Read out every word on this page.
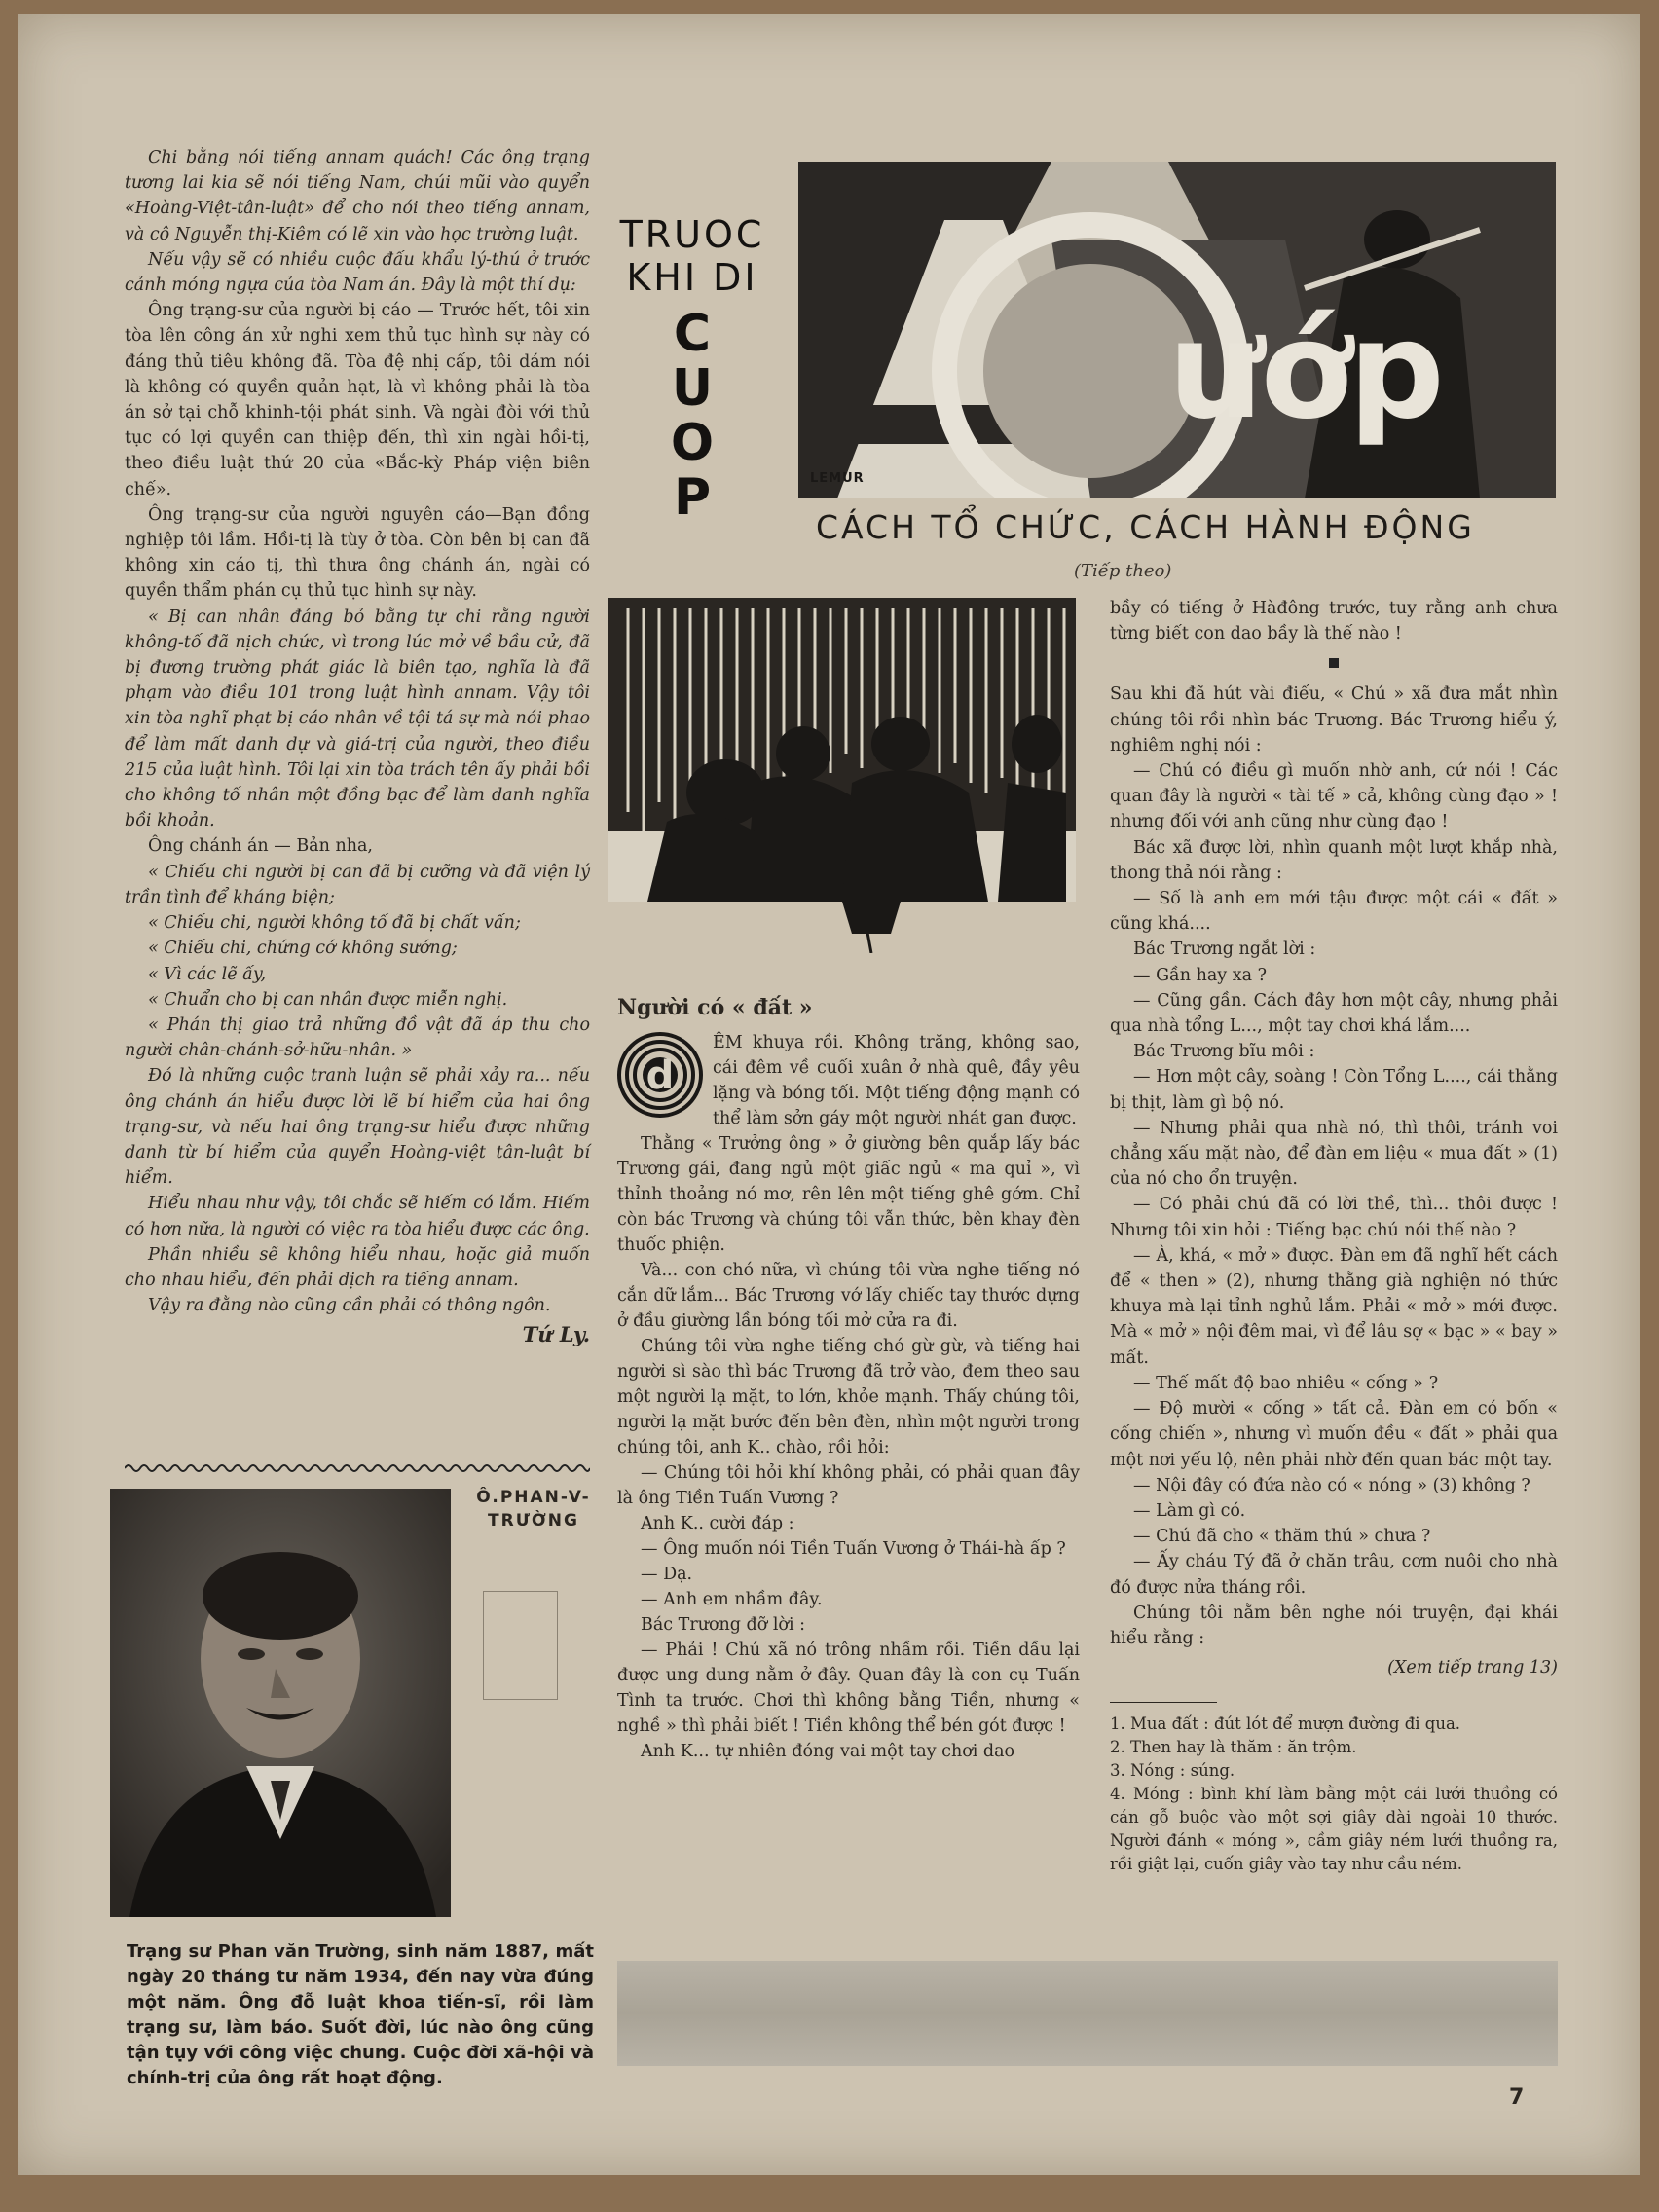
Chi bằng nói tiếng annam quách! Các ông trạng tương lai kia sẽ nói tiếng Nam, chúi mũi vào quyển «Hoàng-Việt-tân-luật» để cho nói theo tiếng annam, và cô Nguyễn thị-Kiêm có lẽ xin vào học trường luật.

Nếu vậy sẽ có nhiều cuộc đấu khẩu lý-thú ở trước cảnh móng ngựa của tòa Nam án. Đây là một thí dụ:

Ông trạng-sư của người bị cáo — Trước hết, tôi xin tòa lên công án xử nghi xem thủ tục hình sự này có đáng thủ tiêu không đã. Tòa đệ nhị cấp, tôi dám nói là không có quyền quản hạt, là vì không phải là tòa án sở tại chỗ khinh-tội phát sinh. Và ngài đòi với thủ tục có lợi quyền can thiệp đến, thì xin ngài hồi-tị, theo điều luật thứ 20 của «Bắc-kỳ Pháp viện biên chế».

Ông trạng-sư của người nguyên cáo—Bạn đồng nghiệp tôi lầm. Hồi-tị là tùy ở tòa. Còn bên bị can đã không xin cáo tị, thì thưa ông chánh án, ngài có quyền thẩm phán cụ thủ tục hình sự này.

« Bị can nhân đáng bỏ bằng tự chi rằng người không-tố đã nịch chức, vì trong lúc mở về bầu cử, đã bị đương trường phát giác là biên tạo, nghĩa là đã phạm vào điều 101 trong luật hình annam. Vậy tôi xin tòa nghĩ phạt bị cáo nhân về tội tá sự mà nói phao để làm mất danh dự và giá-trị của người, theo điều 215 của luật hình. Tôi lại xin tòa trách tên ấy phải bồi cho không tố nhân một đồng bạc để làm danh nghĩa bồi khoản.

Ông chánh án — Bản nha,

« Chiếu chi người bị can đã bị cưỡng và đã viện lý trần tình để kháng biện;

« Chiếu chi, người không tố đã bị chất vấn;

« Chiếu chi, chứng cớ không sướng;

« Vì các lẽ ấy,

« Chuẩn cho bị can nhân được miễn nghị.

« Phán thị giao trả những đồ vật đã áp thu cho người chân-chánh-sở-hữu-nhân. »

Đó là những cuộc tranh luận sẽ phải xảy ra... nếu ông chánh án hiểu được lời lẽ bí hiểm của hai ông trạng-sư, và nếu hai ông trạng-sư hiểu được những danh từ bí hiểm của quyển Hoàng-việt tân-luật bí hiểm.

Hiểu nhau như vậy, tôi chắc sẽ hiếm có lắm. Hiếm có hơn nữa, là người có việc ra tòa hiểu được các ông.

Phần nhiều sẽ không hiểu nhau, hoặc giả muốn cho nhau hiểu, đến phải dịch ra tiếng annam.

Vậy ra đằng nào cũng cần phải có thông ngôn.

Tứ Ly.
Ô.PHAN-V-TRƯỜNG
Trạng sư Phan văn Trường, sinh năm 1887, mất ngày 20 tháng tư năm 1934, đến nay vừa đúng một năm. Ông đỗ luật khoa tiến-sĩ, rồi làm trạng sư, làm báo. Suốt đời, lúc nào ông cũng tận tụy với công việc chung. Cuộc đời xã-hội và chính-trị của ông rất hoạt động.
TRUOC
KHI DI
C
U
O
P
ướp
LEMUR
CÁCH TỔ CHỨC, CÁCH HÀNH ĐỘNG
(Tiếp theo)
Người có « đất »
d

ÊM khuya rồi. Không trăng, không sao, cái đêm về cuối xuân ở nhà quê, đầy yêu lặng và bóng tối. Một tiếng động mạnh có thể làm sởn gáy một người nhát gan được.

Thằng « Trưởng ông » ở giường bên quắp lấy bác Trương gái, đang ngủ một giấc ngủ « ma quỉ », vì thỉnh thoảng nó mơ, rên lên một tiếng ghê gớm. Chỉ còn bác Trương và chúng tôi vẫn thức, bên khay đèn thuốc phiện.

Và... con chó nữa, vì chúng tôi vừa nghe tiếng nó cắn dữ lắm... Bác Trương vớ lấy chiếc tay thước dựng ở đầu giường lần bóng tối mở cửa ra đi.

Chúng tôi vừa nghe tiếng chó gừ gừ, và tiếng hai người sì sào thì bác Trương đã trở vào, đem theo sau một người lạ mặt, to lớn, khỏe mạnh. Thấy chúng tôi, người lạ mặt bước đến bên đèn, nhìn một người trong chúng tôi, anh K.. chào, rồi hỏi:

— Chúng tôi hỏi khí không phải, có phải quan đây là ông Tiền Tuấn Vương ?

Anh K.. cười đáp :

— Ông muốn nói Tiền Tuấn Vương ở Thái-hà ấp ?

— Dạ.

— Anh em nhầm đây.

Bác Trương đỡ lời :

— Phải ! Chú xã nó trông nhầm rồi. Tiền dầu lại được ung dung nằm ở đây. Quan đây là con cụ Tuấn Tình ta trước. Chơi thì không bằng Tiền, nhưng « nghề » thì phải biết ! Tiền không thể bén gót được !

Anh K... tự nhiên đóng vai một tay chơi dao

bầy có tiếng ở Hàđông trước, tuy rằng anh chưa từng biết con dao bầy là thế nào !

Sau khi đã hút vài điếu, « Chú » xã đưa mắt nhìn chúng tôi rồi nhìn bác Trương. Bác Trương hiểu ý, nghiêm nghị nói :

— Chú có điều gì muốn nhờ anh, cứ nói ! Các quan đây là người « tài tế » cả, không cùng đạo » ! nhưng đối với anh cũng như cùng đạo !

Bác xã được lời, nhìn quanh một lượt khắp nhà, thong thả nói rằng :

— Số là anh em mới tậu được một cái « đất » cũng khá....

Bác Trương ngắt lời :

— Gần hay xa ?

— Cũng gần. Cách đây hơn một cây, nhưng phải qua nhà tổng L..., một tay chơi khá lắm....

Bác Trương bĩu môi :

— Hơn một cây, soàng ! Còn Tổng L...., cái thằng bị thịt, làm gì bộ nó.

— Nhưng phải qua nhà nó, thì thôi, tránh voi chẳng xấu mặt nào, để đàn em liệu « mua đất » (1) của nó cho ổn truyện.

— Có phải chú đã có lời thề, thì... thôi được ! Nhưng tôi xin hỏi : Tiếng bạc chú nói thế nào ?

— À, khá, « mở » được. Đàn em đã nghĩ hết cách để « then » (2), nhưng thằng già nghiện nó thức khuya mà lại tỉnh nghủ lắm. Phải « mở » mới được. Mà « mở » nội đêm mai, vì để lâu sợ « bạc » « bay » mất.

— Thế mất độ bao nhiêu « cống » ?

— Độ mười « cống » tất cả. Đàn em có bốn « cống chiến », nhưng vì muốn đều « đất » phải qua một nơi yếu lộ, nên phải nhờ đến quan bác một tay.

— Nội đây có đứa nào có « nóng » (3) không ?

— Làm gì có.

— Chú đã cho « thăm thú » chưa ?

— Ấy cháu Tý đã ở chăn trâu, cơm nuôi cho nhà đó được nửa tháng rồi.

Chúng tôi nằm bên nghe nói truyện, đại khái hiểu rằng :

(Xem tiếp trang 13)
1. Mua đất : đút lót để mượn đường đi qua.
2. Then hay là thăm : ăn trộm.
3. Nóng : súng.
4. Móng : bình khí làm bằng một cái lưới thuồng có cán gỗ buộc vào một sợi giây dài ngoài 10 thước. Người đánh « móng », cầm giây ném lưới thuồng ra, rồi giật lại, cuốn giây vào tay như cầu ném.
7
